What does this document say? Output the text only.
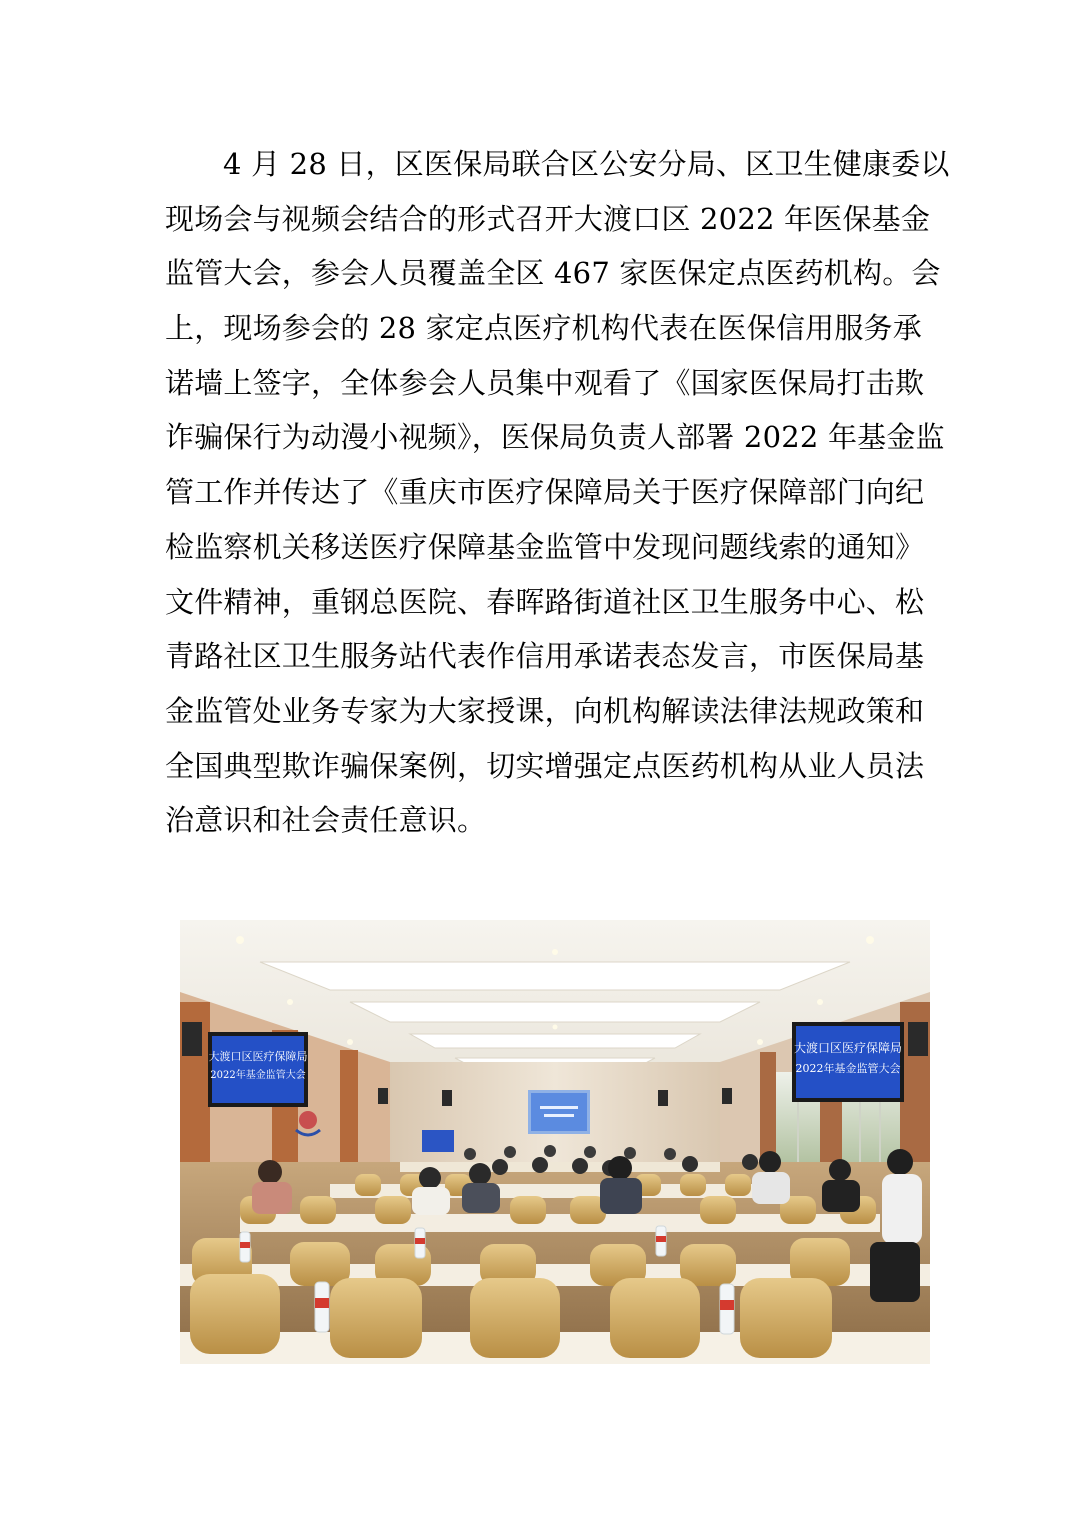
4 月 28 日，区医保局联合区公安分局、区卫生健康委以
现场会与视频会结合的形式召开大渡口区 2022 年医保基金
监管大会，参会人员覆盖全区 467 家医保定点医药机构。会
上，现场参会的 28 家定点医疗机构代表在医保信用服务承
诺墙上签字，全体参会人员集中观看了《国家医保局打击欺
诈骗保行为动漫小视频》，医保局负责人部署 2022 年基金监
管工作并传达了《重庆市医疗保障局关于医疗保障部门向纪
检监察机关移送医疗保障基金监管中发现问题线索的通知》
文件精神，重钢总医院、春晖路街道社区卫生服务中心、松
青路社区卫生服务站代表作信用承诺表态发言，市医保局基
金监管处业务专家为大家授课，向机构解读法律法规政策和
全国典型欺诈骗保案例，切实增强定点医药机构从业人员法
治意识和社会责任意识。
大渡口区医疗保障局
2022年基金监管大会
大渡口区医疗保障局
2022年基金监管大会
